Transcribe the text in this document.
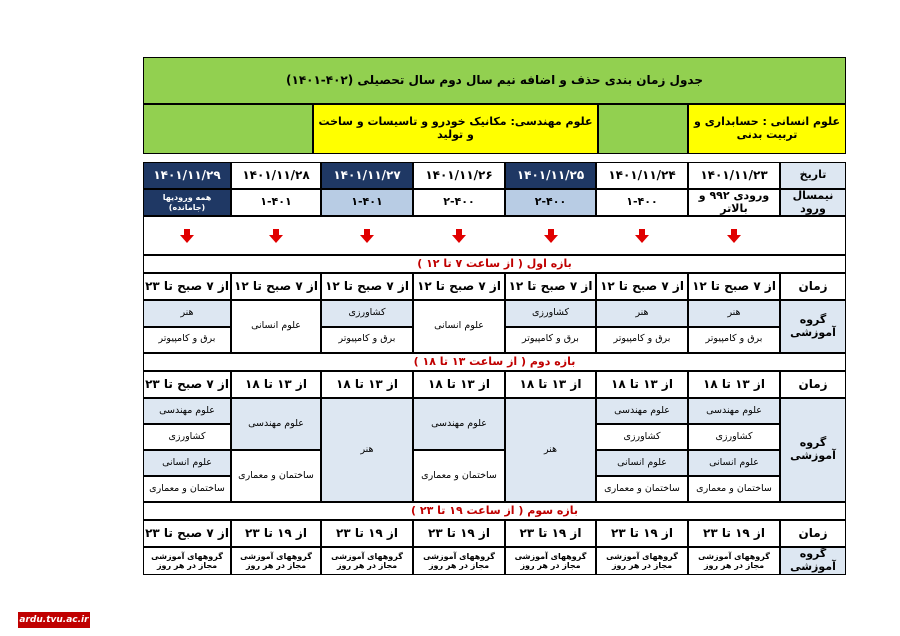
جدول زمان بندی حذف و اضافه نیم سال دوم سال تحصیلی (۴۰۲-۱۴۰۱)
علوم انسانی : حسابداری و تربیت بدنی
علوم مهندسی: مکانیک خودرو و تاسیسات و ساخت و تولید
تاریخ
۱۴۰۱/۱۱/۲۳
۱۴۰۱/۱۱/۲۴
۱۴۰۱/۱۱/۲۵
۱۴۰۱/۱۱/۲۶
۱۴۰۱/۱۱/۲۷
۱۴۰۱/۱۱/۲۸
۱۴۰۱/۱۱/۲۹
نیمسال ورود
ورودی ۹۹۲ و بالاتر
۱-۴۰۰
۲-۴۰۰
۲-۴۰۰
۱-۴۰۱
۱-۴۰۱
همه ورودیها (جامانده)
بازه اول ( از ساعت ۷ تا ۱۲ )
زمان
از ۷ صبح تا ۱۲
از ۷ صبح تا ۱۲
از ۷ صبح تا ۱۲
از ۷ صبح تا ۱۲
از ۷ صبح تا ۱۲
از ۷ صبح تا ۱۲
از ۷ صبح تا ۲۳
گروه آموزشی
هنر
برق و کامپیوتر
هنر
برق و کامپیوتر
کشاورزی
برق و کامپیوتر
علوم انسانی
کشاورزی
برق و کامپیوتر
علوم انسانی
هنر
برق و کامپیوتر
بازه دوم ( از ساعت ۱۳ تا ۱۸ )
زمان
از ۱۳ تا ۱۸
از ۱۳ تا ۱۸
از ۱۳ تا ۱۸
از ۱۳ تا ۱۸
از ۱۳ تا ۱۸
از ۱۳ تا ۱۸
از ۷ صبح تا ۲۳
گروه آموزشی
علوم مهندسی
کشاورزی
علوم انسانی
ساختمان و معماری
علوم مهندسی
کشاورزی
علوم انسانی
ساختمان و معماری
هنر
علوم مهندسی
ساختمان و معماری
هنر
علوم مهندسی
ساختمان و معماری
علوم مهندسی
کشاورزی
علوم انسانی
ساختمان و معماری
بازه سوم ( از ساعت ۱۹ تا ۲۳ )
زمان
از ۱۹ تا ۲۳
از ۱۹ تا ۲۳
از ۱۹ تا ۲۳
از ۱۹ تا ۲۳
از ۱۹ تا ۲۳
از ۱۹ تا ۲۳
از ۷ صبح تا ۲۳
گروه آموزشی
گروههای آموزشی مجاز در هر روز
گروههای آموزشی مجاز در هر روز
گروههای آموزشی مجاز در هر روز
گروههای آموزشی مجاز در هر روز
گروههای آموزشی مجاز در هر روز
گروههای آموزشی مجاز در هر روز
گروههای آموزشی مجاز در هر روز
ardu.tvu.ac.ir
